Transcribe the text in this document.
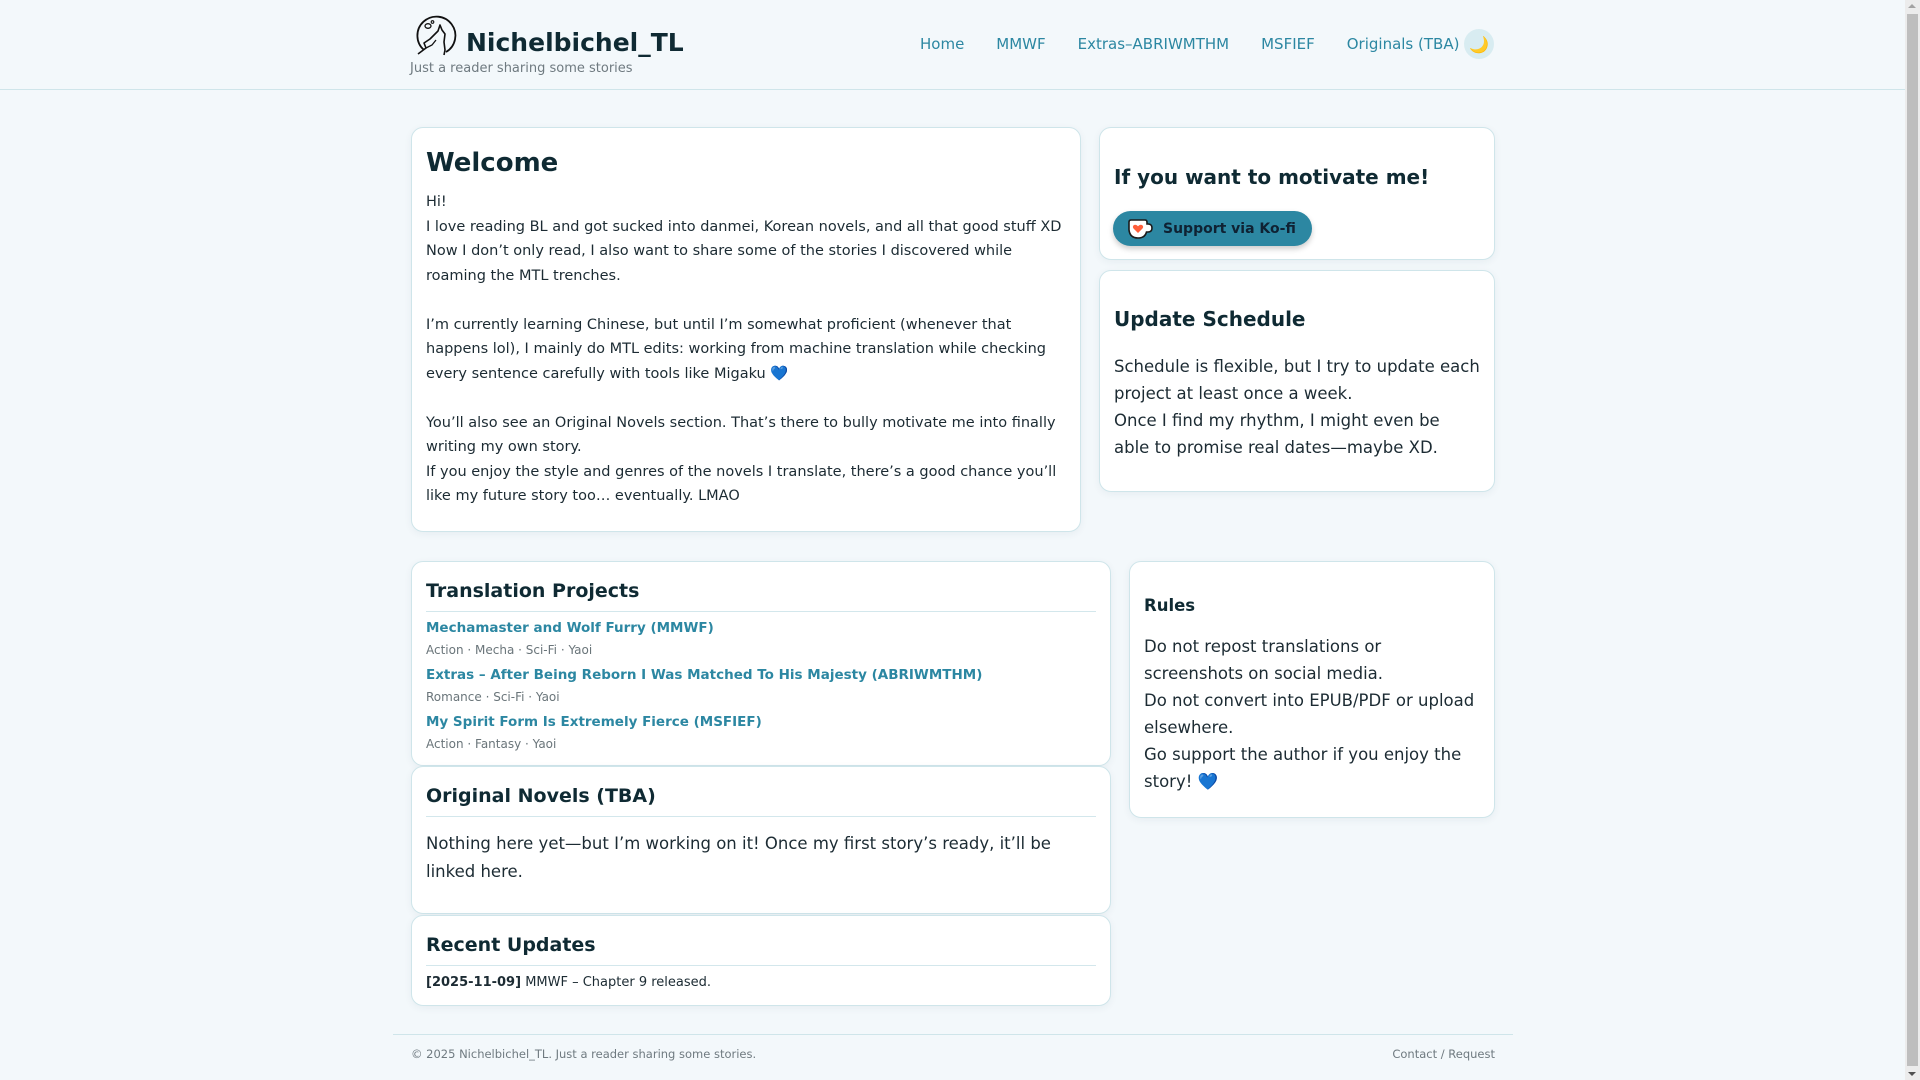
Nichelbichel_TL
Just a reader sharing some stories
Home MMWF Extras–ABRIWMTHM MSFIEF Originals (TBA) 🌙
Welcome

Hi!

I love reading BL and got sucked into danmei, Korean novels, and all that good stuff XD

Now I don’t only read, I also want to share some of the stories I discovered while roaming the MTL trenches.

I’m currently learning Chinese, but until I’m somewhat proficient (whenever that happens lol), I mainly do MTL edits: working from machine translation while checking every sentence carefully with tools like Migaku 💙

You’ll also see an Original Novels section. That’s there to bully motivate me into finally writing my own story.

If you enjoy the style and genres of the novels I translate, there’s a good chance you’ll like my future story too… eventually. LMAO

If you want to motivate me!
Support via Ko-fi
Update Schedule

Schedule is flexible, but I try to update each project at least once a week.

Once I find my rhythm, I might even be able to promise real dates—maybe XD.

Translation Projects
Mechamaster and Wolf Furry (MMWF)
Action · Mecha · Sci-Fi · Yaoi
Extras – After Being Reborn I Was Matched To His Majesty (ABRIWMTHM)
Romance · Sci-Fi · Yaoi
My Spirit Form Is Extremely Fierce (MSFIEF)
Action · Fantasy · Yaoi
Original Novels (TBA)

Nothing here yet—but I’m working on it! Once my first story’s ready, it’ll be linked here.

Recent Updates
[2025-11-09] MMWF – Chapter 9 released.
Rules

Do not repost translations or screenshots on social media.

Do not convert into EPUB/PDF or upload elsewhere.

Go support the author if you enjoy the story! 💙

© 2025 Nichelbichel_TL. Just a reader sharing some stories.	Contact / Request
